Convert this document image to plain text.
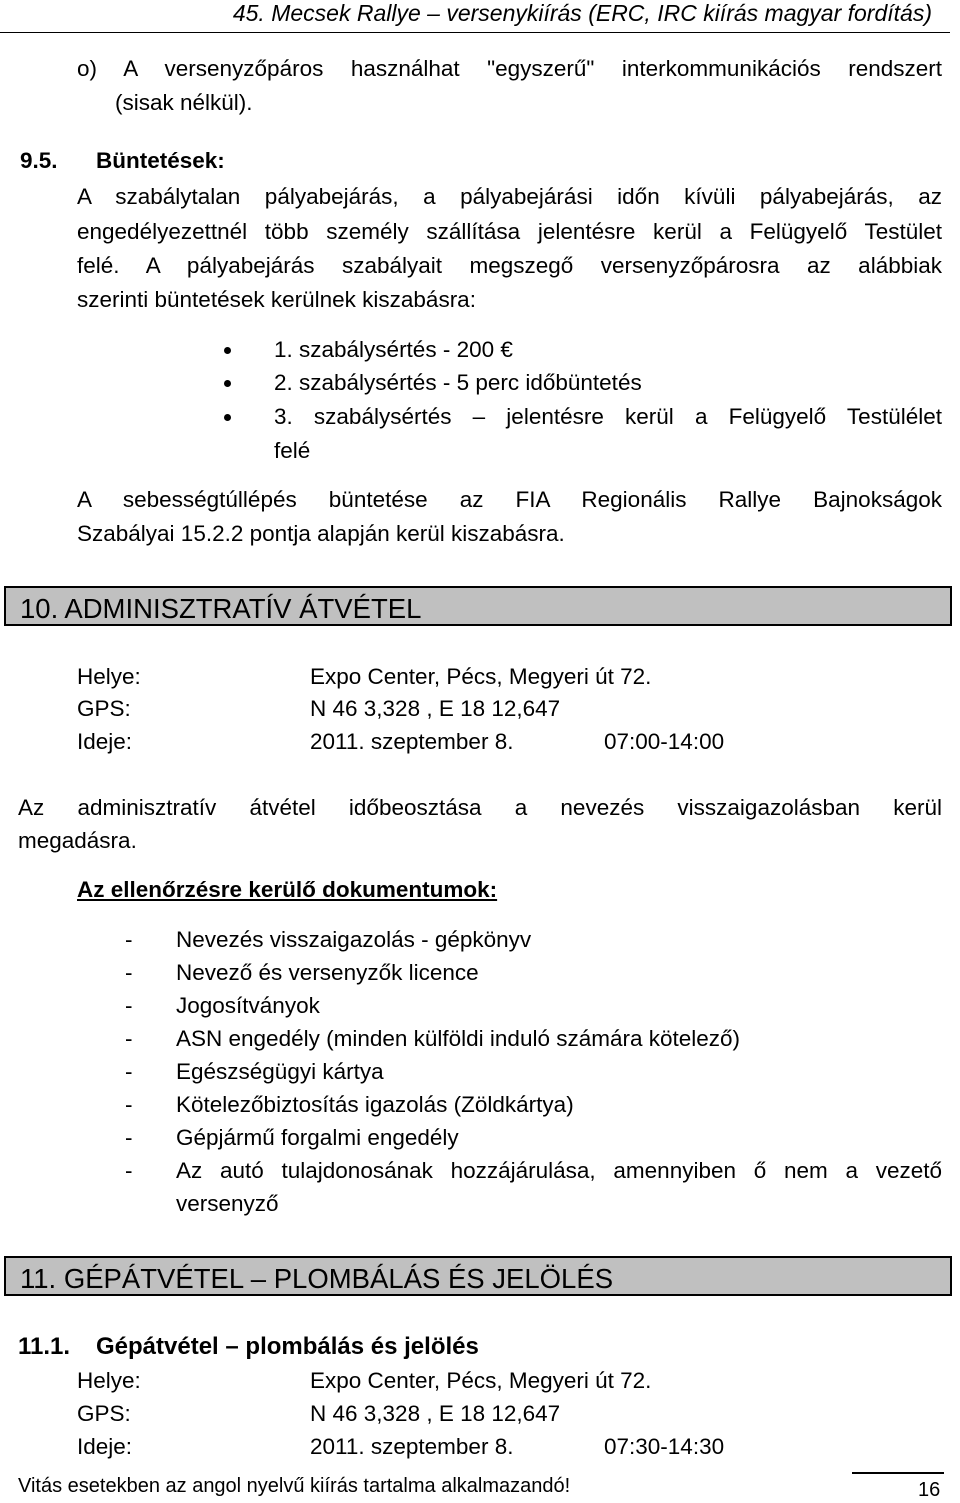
45. Mecsek Rallye – versenykiírás (ERC, IRC kiírás magyar fordítás)
o) A versenyzőpáros használhat "egyszerű" interkommunikációs rendszert
(sisak nélkül).
9.5. Büntetések:
A szabálytalan pályabejárás, a pályabejárási időn kívüli pályabejárás, az
engedélyezettnél több személy szállítása jelentésre kerül a Felügyelő Testület
felé. A pályabejárás szabályait megszegő versenyzőpárosra az alábbiak
szerinti büntetések kerülnek kiszabásra:
1. szabálysértés - 200 €
2. szabálysértés - 5 perc időbüntetés
3. szabálysértés – jelentésre kerül a Felügyelő Testülélet
felé
A sebességtúllépés büntetése az FIA Regionális Rallye Bajnokságok
Szabályai 15.2.2 pontja alapján kerül kiszabásra.
10. ADMINISZTRATÍV ÁTVÉTEL
Helye:	Expo Center, Pécs, Megyeri út 72.
GPS:	N 46 3,328 , E 18 12,647
Ideje:	2011. szeptember 8.	07:00-14:00
Az adminisztratív átvétel időbeosztása a nevezés visszaigazolásban kerül
megadásra.
Az ellenőrzésre kerülő dokumentumok:
- Nevezés visszaigazolás - gépkönyv
- Nevező és versenyzők licence
- Jogosítványok
- ASN engedély (minden külföldi induló számára kötelező)
- Egészségügyi kártya
- Kötelezőbiztosítás igazolás (Zöldkártya)
- Gépjármű forgalmi engedély
- Az autó tulajdonosának hozzájárulása, amennyiben ő nem a vezető
versenyző
11. GÉPÁTVÉTEL – PLOMBÁLÁS ÉS JELÖLÉS
11.1. Gépátvétel – plombálás és jelölés
Helye:	Expo Center, Pécs, Megyeri út 72.
GPS:	N 46 3,328 , E 18 12,647
Ideje:	2011. szeptember 8.	07:30-14:30
Vitás esetekben az angol nyelvű kiírás tartalma alkalmazandó!	16
